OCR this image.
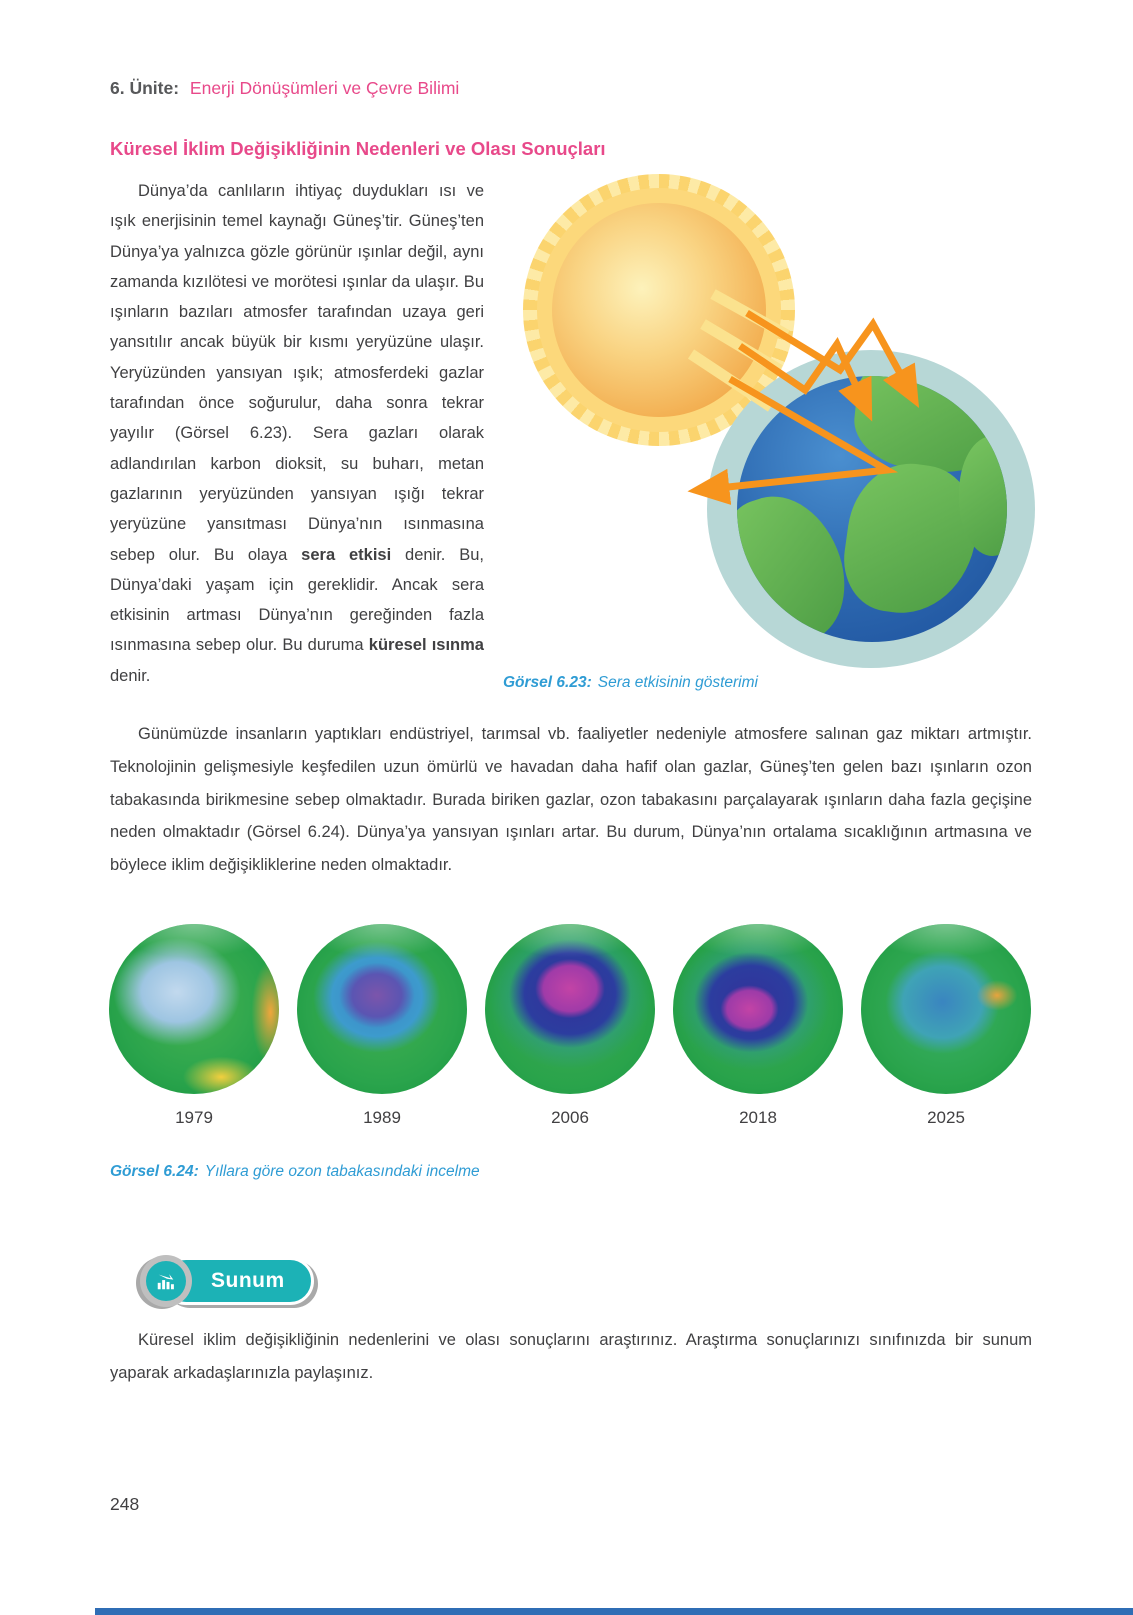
6. Ünite: Enerji Dönüşümleri ve Çevre Bilimi
Küresel İklim Değişikliğinin Nedenleri ve Olası Sonuçları
Dünya’da canlıların ihtiyaç duydukları ısı ve ışık enerjisinin temel kaynağı Güneş’tir. Güneş’ten Dünya’ya yalnızca gözle görünür ışınlar değil, aynı zamanda kızılötesi ve morötesi ışınlar da ulaşır. Bu ışınların bazıları atmosfer tarafından uzaya geri yansıtılır ancak büyük bir kısmı yeryüzüne ulaşır. Yeryüzünden yansıyan ışık; atmosferdeki gazlar tarafından önce soğurulur, daha sonra tekrar yayılır (Görsel 6.23). Sera gazları olarak adlandırılan karbon dioksit, su buharı, metan gazlarının yeryüzünden yansıyan ışığı tekrar yeryüzüne yansıtması Dünya’nın ısınmasına sebep olur. Bu olaya sera etkisi denir. Bu, Dünya’daki yaşam için gereklidir. Ancak sera etkisinin artması Dünya’nın gereğinden fazla ısınmasına sebep olur. Bu duruma küresel ısınma denir.	Görsel 6.23: Sera etkisinin gösterimi
Günümüzde insanların yaptıkları endüstriyel, tarımsal vb. faaliyetler nedeniyle atmosfere salınan gaz miktarı artmıştır. Teknolojinin gelişmesiyle keşfedilen uzun ömürlü ve havadan daha hafif olan gazlar, Güneş’ten gelen bazı ışınların ozon tabakasında birikmesine sebep olmaktadır. Burada biriken gazlar, ozon tabakasını parçalayarak ışınların daha fazla geçişine neden olmaktadır (Görsel 6.24). Dünya’ya yansıyan ışınları artar. Bu durum, Dünya’nın ortalama sıcaklığının artmasına ve böylece iklim değişikliklerine neden olmaktadır.
1979	1989	2006	2018	2025
Görsel 6.24: Yıllara göre ozon tabakasındaki incelme
Sunum
Küresel iklim değişikliğinin nedenlerini ve olası sonuçlarını araştırınız. Araştırma sonuçlarınızı sınıfınızda bir sunum yaparak arkadaşlarınızla paylaşınız.
248
